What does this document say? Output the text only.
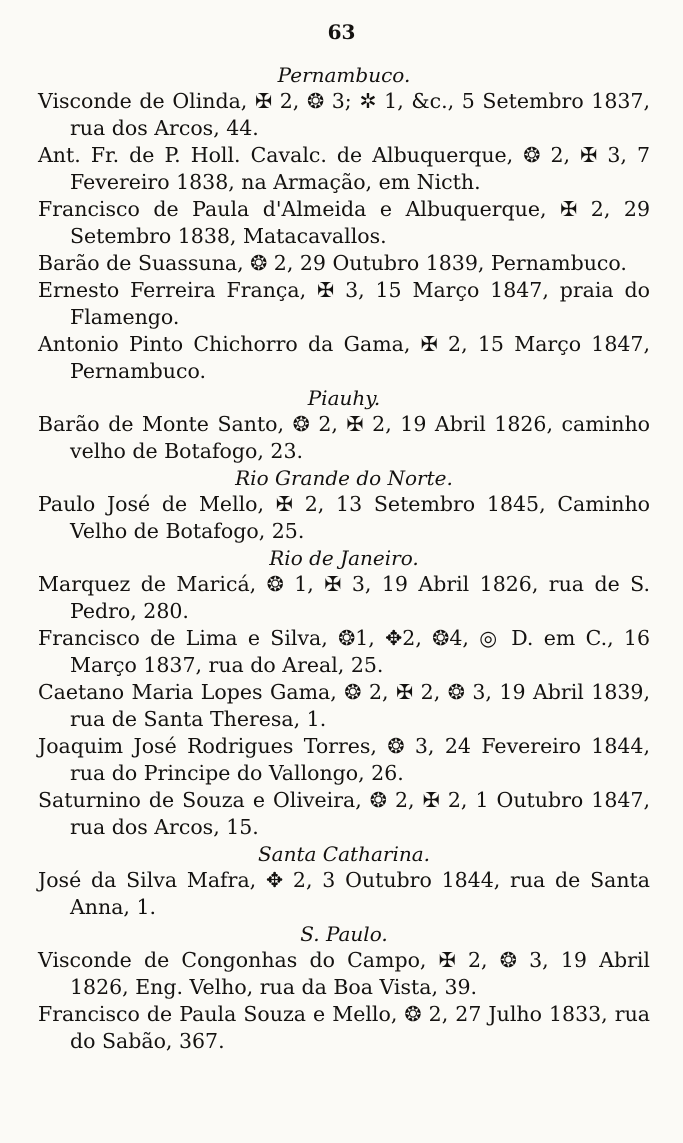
63
Pernambuco.
Visconde de Olinda, ✠ 2, ❂ 3; ✲ 1, &c., 5 Setembro 1837, rua dos Arcos, 44.
Ant. Fr. de P. Holl. Cavalc. de Albuquerque, ❂ 2, ✠ 3, 7 Fevereiro 1838, na Armação, em Nicth.
Francisco de Paula d'Almeida e Albuquerque, ✠ 2, 29 Setembro 1838, Matacavallos.
Barão de Suassuna, ❂ 2, 29 Outubro 1839, Pernambuco.
Ernesto Ferreira França, ✠ 3, 15 Março 1847, praia do Flamengo.
Antonio Pinto Chichorro da Gama, ✠ 2, 15 Março 1847, Pernambuco.
Piauhy.
Barão de Monte Santo, ❂ 2, ✠ 2, 19 Abril 1826, caminho velho de Botafogo, 23.
Rio Grande do Norte.
Paulo José de Mello, ✠ 2, 13 Setembro 1845, Caminho Velho de Botafogo, 25.
Rio de Janeiro.
Marquez de Maricá, ❂ 1, ✠ 3, 19 Abril 1826, rua de S. Pedro, 280.
Francisco de Lima e Silva, ❂1, ✥2, ❂4, ◎ D. em C., 16 Março 1837, rua do Areal, 25.
Caetano Maria Lopes Gama, ❂ 2, ✠ 2, ❂ 3, 19 Abril 1839, rua de Santa Theresa, 1.
Joaquim José Rodrigues Torres, ❂ 3, 24 Fevereiro 1844, rua do Principe do Vallongo, 26.
Saturnino de Souza e Oliveira, ❂ 2, ✠ 2, 1 Outubro 1847, rua dos Arcos, 15.
Santa Catharina.
José da Silva Mafra, ✥ 2, 3 Outubro 1844, rua de Santa Anna, 1.
S. Paulo.
Visconde de Congonhas do Campo, ✠ 2, ❂ 3, 19 Abril 1826, Eng. Velho, rua da Boa Vista, 39.
Francisco de Paula Souza e Mello, ❂ 2, 27 Julho 1833, rua do Sabão, 367.
